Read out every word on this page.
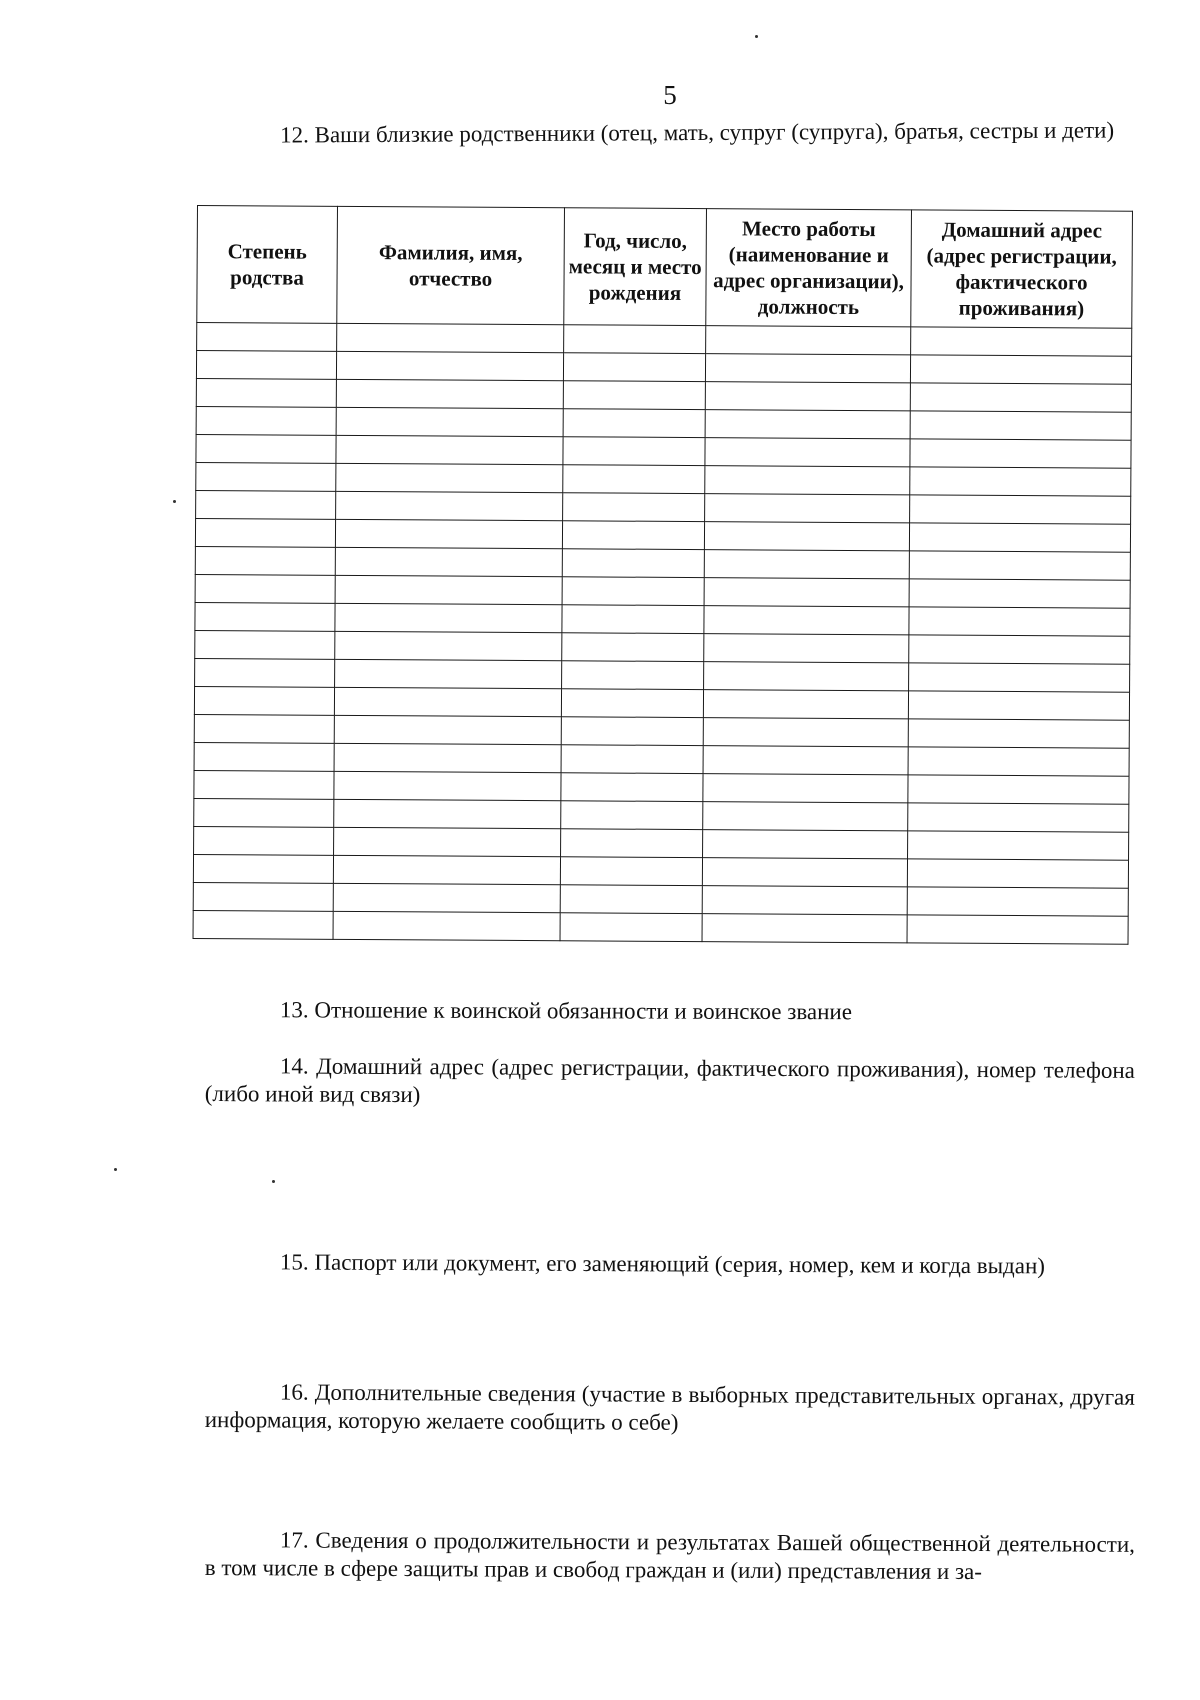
5

12. Ваши близкие родственники (отец, мать, супруг (супруга), братья, сестры и дети)

Степень родства	Фамилия, имя, отчество	Год, число, месяц и место рождения	Место работы (наименование и адрес организации), должность	Домашний адрес (адрес регистрации, фактического проживания)

13. Отношение к воинской обязанности и воинское звание

14. Домашний адрес (адрес регистрации, фактического проживания), номер телефона (либо иной вид связи)

15. Паспорт или документ, его заменяющий (серия, номер, кем и когда выдан)

16. Дополнительные сведения (участие в выборных представительных органах, другая информация, которую желаете сообщить о себе)

17. Сведения о продолжительности и результатах Вашей общественной деятельности, в том числе в сфере защиты прав и свобод граждан и (или) представления и за-
